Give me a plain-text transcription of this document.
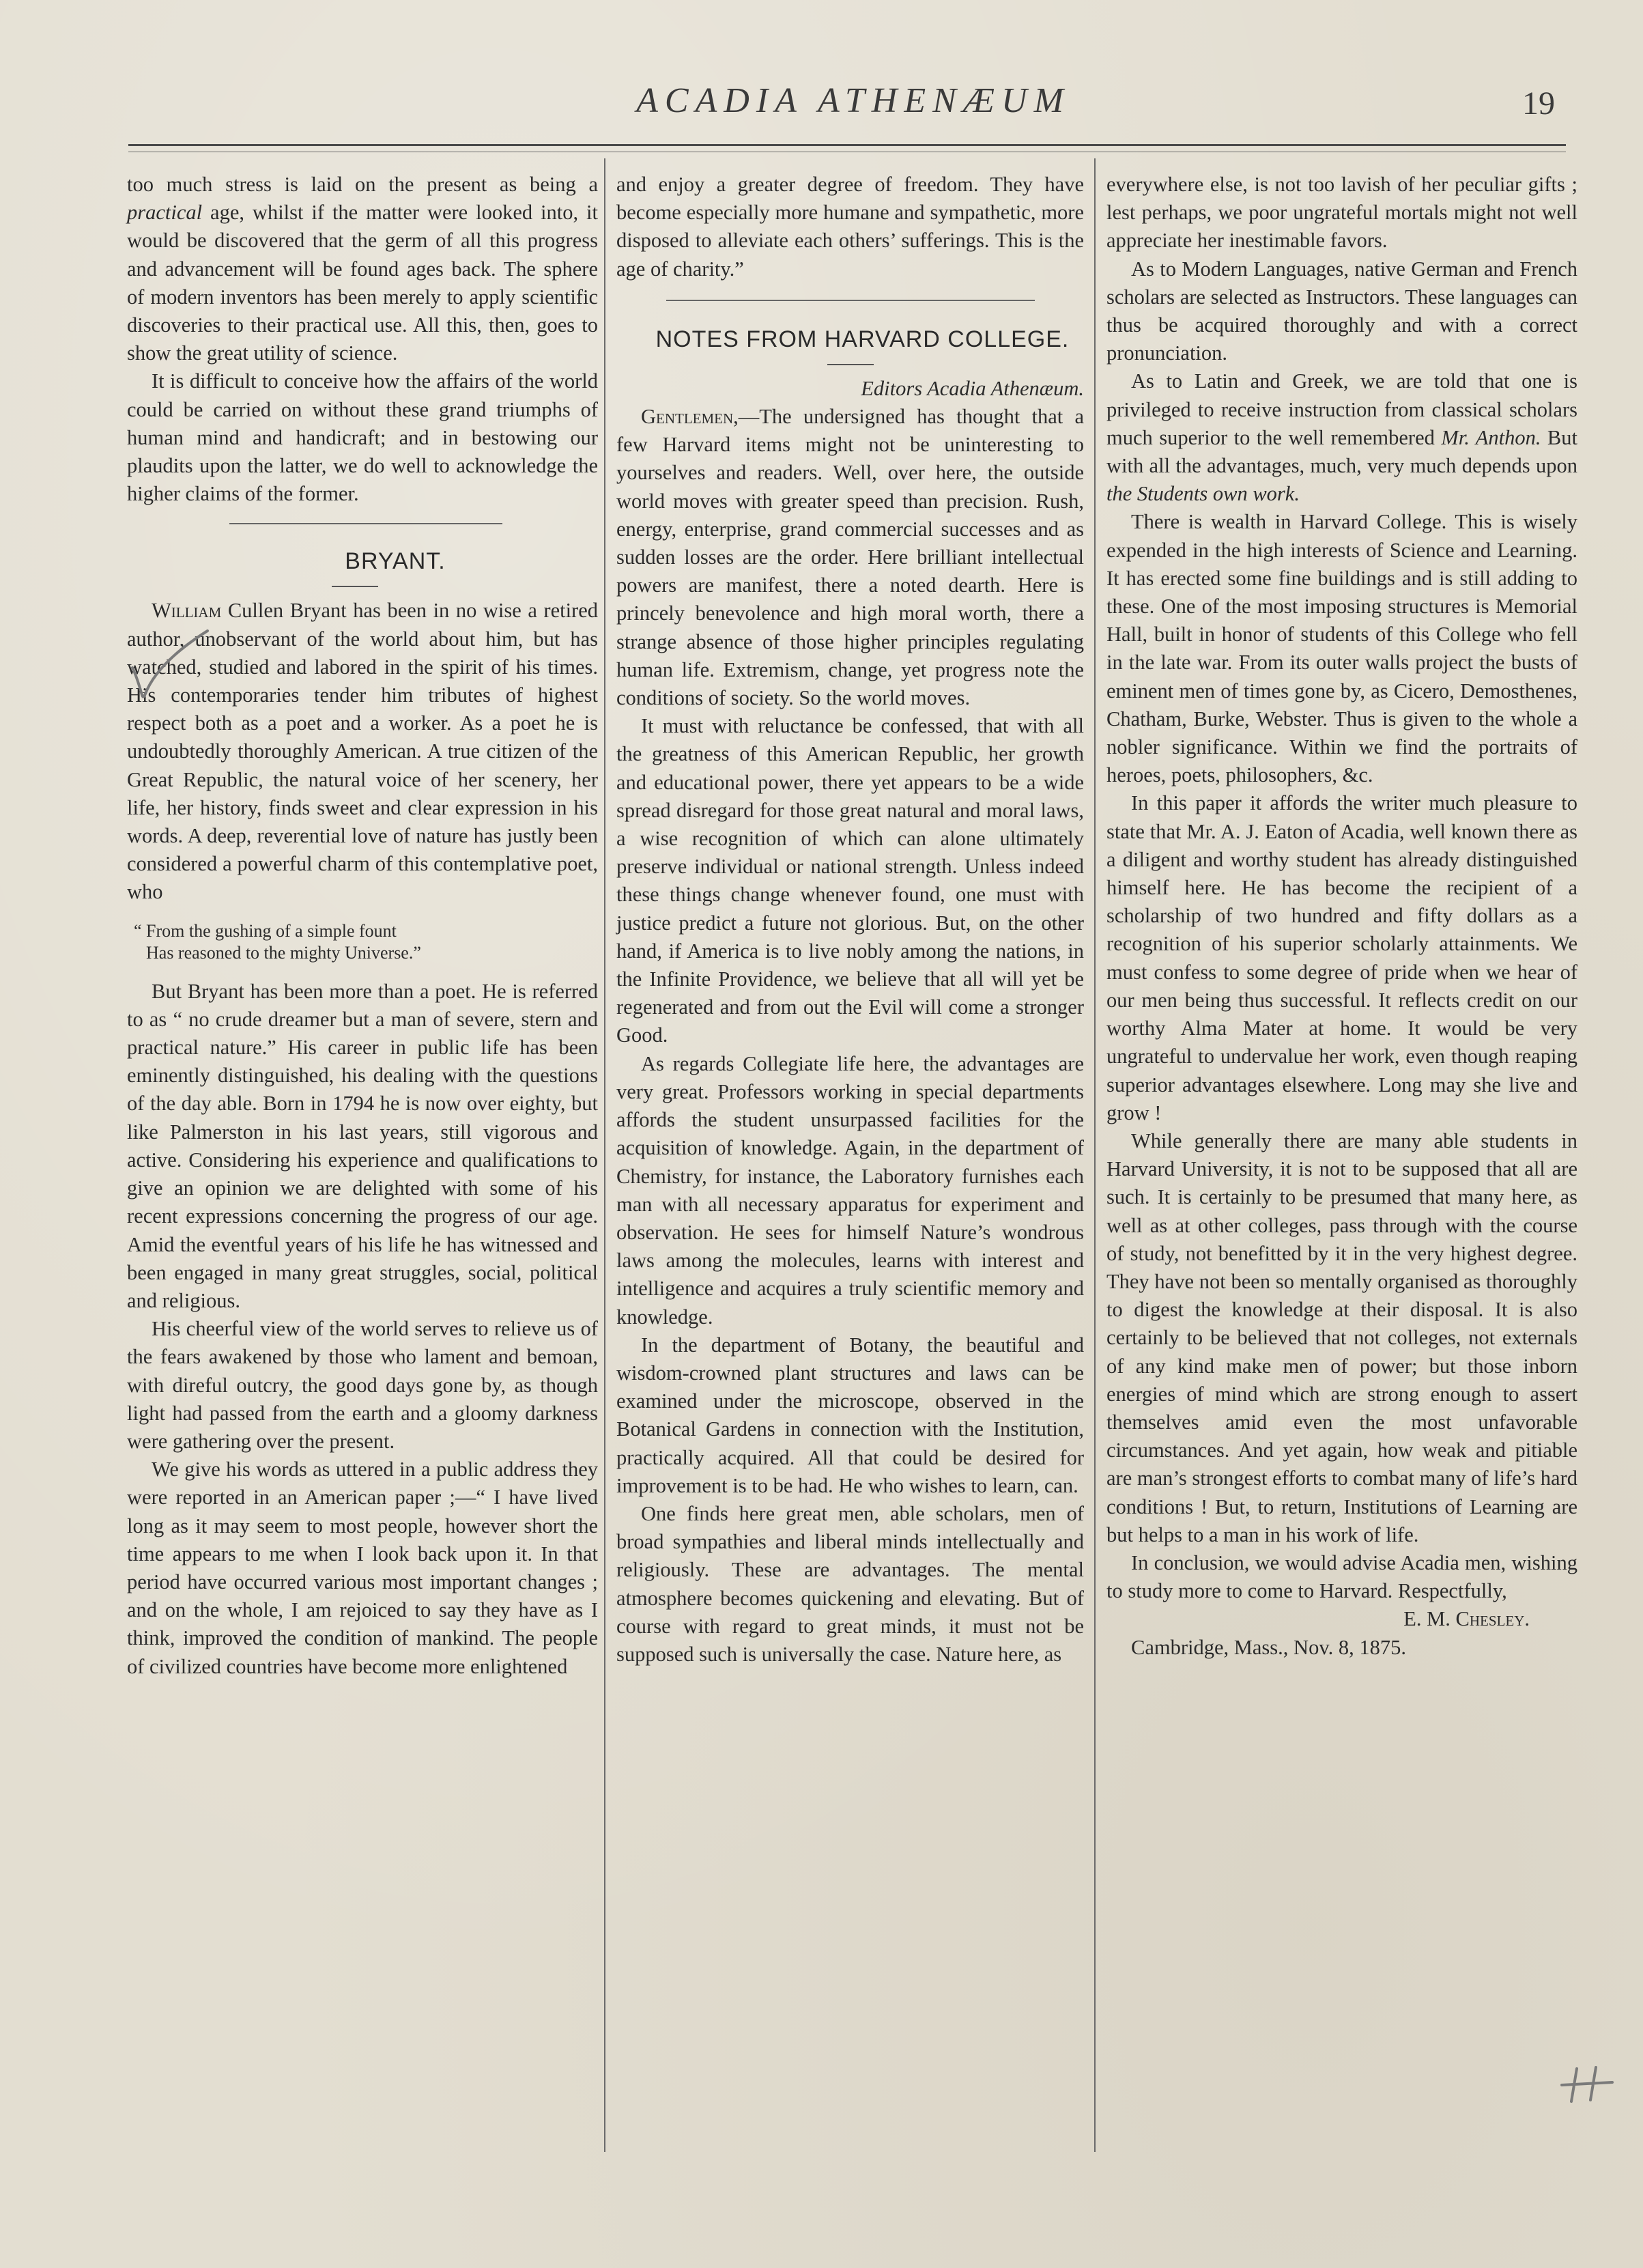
ACADIA ATHENÆUM	19

too much stress is laid on the present as being a practical age, whilst if the matter were looked into, it would be discovered that the germ of all this progress and advancement will be found ages back. The sphere of modern inventors has been merely to apply scientific discoveries to their practical use. All this, then, goes to show the great utility of science.

It is difficult to conceive how the affairs of the world could be carried on without these grand triumphs of human mind and handicraft; and in bestowing our plaudits upon the latter, we do well to acknowledge the higher claims of the former.

BRYANT.

William Cullen Bryant has been in no wise a retired author, unobservant of the world about him, but has watched, studied and labored in the spirit of his times. His contemporaries tender him tributes of highest respect both as a poet and a worker. As a poet he is undoubtedly thoroughly American. A true citizen of the Great Republic, the natural voice of her scenery, her life, her history, finds sweet and clear expression in his words. A deep, reverential love of nature has justly been considered a powerful charm of this contemplative poet, who

“ From the gushing of a simple fount
Has reasoned to the mighty Universe.”

But Bryant has been more than a poet. He is referred to as “ no crude dreamer but a man of severe, stern and practical nature.” His career in public life has been eminently distinguished, his dealing with the questions of the day able. Born in 1794 he is now over eighty, but like Palmerston in his last years, still vigorous and active. Considering his experience and qualifications to give an opinion we are delighted with some of his recent expressions concerning the progress of our age. Amid the eventful years of his life he has witnessed and been engaged in many great struggles, social, political and religious.

His cheerful view of the world serves to relieve us of the fears awakened by those who lament and bemoan, with direful outcry, the good days gone by, as though light had passed from the earth and a gloomy darkness were gathering over the present.

We give his words as uttered in a public address they were reported in an American paper ;—“ I have lived long as it may seem to most people, however short the time appears to me when I look back upon it. In that period have occurred various most important changes ; and on the whole, I am rejoiced to say they have as I think, improved the condition of mankind. The people of civilized countries have become more enlightened

and enjoy a greater degree of freedom. They have become especially more humane and sympathetic, more disposed to alleviate each others’ sufferings. This is the age of charity.”

NOTES FROM HARVARD COLLEGE.

Editors Acadia Athenæum.

Gentlemen,—The undersigned has thought that a few Harvard items might not be uninteresting to yourselves and readers. Well, over here, the outside world moves with greater speed than precision. Rush, energy, enterprise, grand commercial successes and as sudden losses are the order. Here brilliant intellectual powers are manifest, there a noted dearth. Here is princely benevolence and high moral worth, there a strange absence of those higher principles regulating human life. Extremism, change, yet progress note the conditions of society. So the world moves.

It must with reluctance be confessed, that with all the greatness of this American Republic, her growth and educational power, there yet appears to be a wide spread disregard for those great natural and moral laws, a wise recognition of which can alone ultimately preserve individual or national strength. Unless indeed these things change whenever found, one must with justice predict a future not glorious. But, on the other hand, if America is to live nobly among the nations, in the Infinite Providence, we believe that all will yet be regenerated and from out the Evil will come a stronger Good.

As regards Collegiate life here, the advantages are very great. Professors working in special departments affords the student unsurpassed facilities for the acquisition of knowledge. Again, in the department of Chemistry, for instance, the Laboratory furnishes each man with all necessary apparatus for experiment and observation. He sees for himself Nature’s wondrous laws among the molecules, learns with interest and intelligence and acquires a truly scientific memory and knowledge.

In the department of Botany, the beautiful and wisdom-crowned plant structures and laws can be examined under the microscope, observed in the Botanical Gardens in connection with the Institution, practically acquired. All that could be desired for improvement is to be had. He who wishes to learn, can.

One finds here great men, able scholars, men of broad sympathies and liberal minds intellectually and religiously. These are advantages. The mental atmosphere becomes quickening and elevating. But of course with regard to great minds, it must not be supposed such is universally the case. Nature here, as

everywhere else, is not too lavish of her peculiar gifts ; lest perhaps, we poor ungrateful mortals might not well appreciate her inestimable favors.

As to Modern Languages, native German and French scholars are selected as Instructors. These languages can thus be acquired thoroughly and with a correct pronunciation.

As to Latin and Greek, we are told that one is privileged to receive instruction from classical scholars much superior to the well remembered Mr. Anthon. But with all the advantages, much, very much depends upon the Students own work.

There is wealth in Harvard College. This is wisely expended in the high interests of Science and Learning. It has erected some fine buildings and is still adding to these. One of the most imposing structures is Memorial Hall, built in honor of students of this College who fell in the late war. From its outer walls project the busts of eminent men of times gone by, as Cicero, Demosthenes, Chatham, Burke, Webster. Thus is given to the whole a nobler significance. Within we find the portraits of heroes, poets, philosophers, &c.

In this paper it affords the writer much pleasure to state that Mr. A. J. Eaton of Acadia, well known there as a diligent and worthy student has already distinguished himself here. He has become the recipient of a scholarship of two hundred and fifty dollars as a recognition of his superior scholarly attainments. We must confess to some degree of pride when we hear of our men being thus successful. It reflects credit on our worthy Alma Mater at home. It would be very ungrateful to undervalue her work, even though reaping superior advantages elsewhere. Long may she live and grow !

While generally there are many able students in Harvard University, it is not to be supposed that all are such. It is certainly to be presumed that many here, as well as at other colleges, pass through with the course of study, not benefitted by it in the very highest degree. They have not been so mentally organised as thoroughly to digest the knowledge at their disposal. It is also certainly to be believed that not colleges, not externals of any kind make men of power; but those inborn energies of mind which are strong enough to assert themselves amid even the most unfavorable circumstances. And yet again, how weak and pitiable are man’s strongest efforts to combat many of life’s hard conditions ! But, to return, Institutions of Learning are but helps to a man in his work of life.

In conclusion, we would advise Acadia men, wishing to study more to come to Harvard. Respectfully,

E. M. Chesley.

Cambridge, Mass., Nov. 8, 1875.
